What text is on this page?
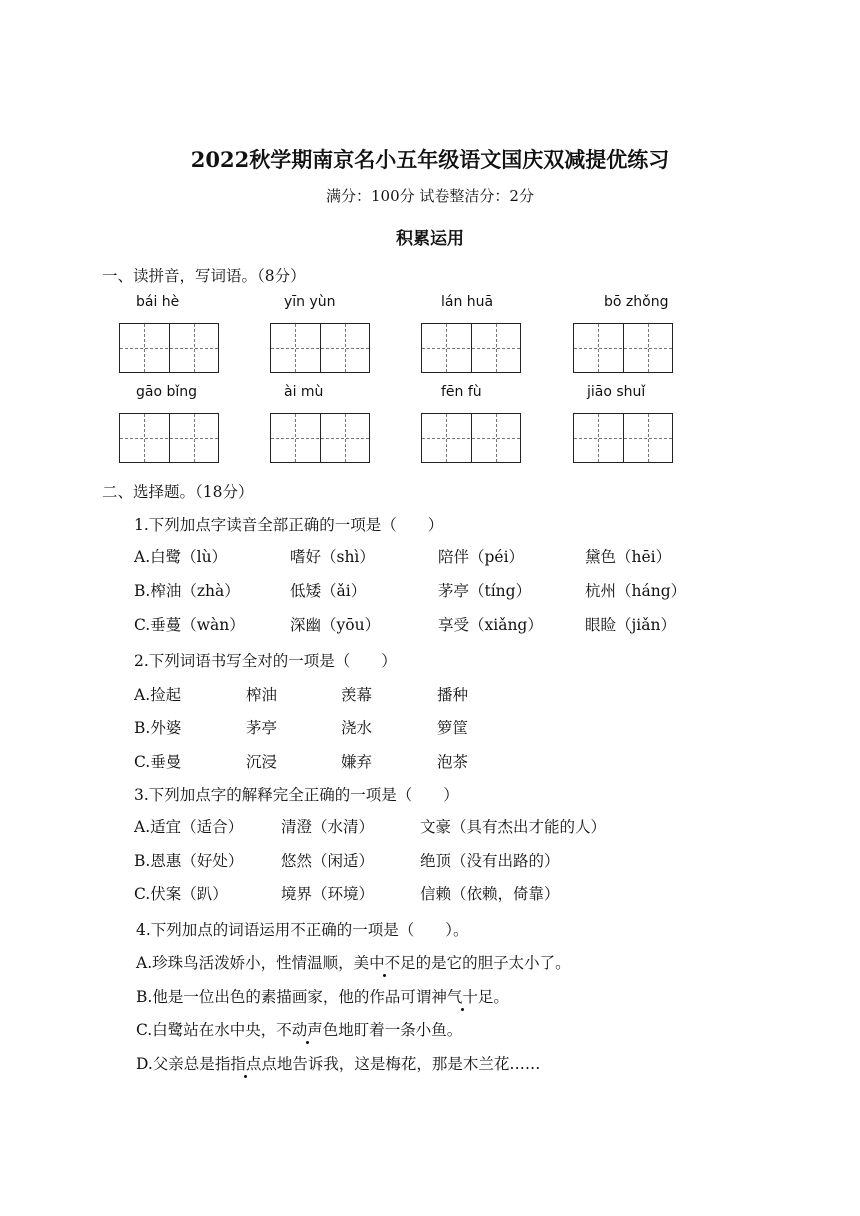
2022秋学期南京名小五年级语文国庆双减提优练习
满分：100分 试卷整洁分：2分
积累运用
一、读拼音，写词语。（8分）
bái hè	yīn yùn	lán huā	bō zhǒng
gāo bǐng	ài mù	fēn fù	jiāo shuǐ
二、选择题。（18分）
1.下列加点字读音全部正确的一项是（　　）
A.白鹭（lù）	嗜好（shì）	陪伴（péi）	黛色（hēi）
B.榨油（zhà）	低矮（ǎi）	茅亭（tíng）	杭州（háng）
C.垂蔓（wàn）	深幽（yōu）	享受（xiǎng）	眼睑（jiǎn）
2.下列词语书写全对的一项是（　　）
A.捡起	榨油	羡幕	播种
B.外婆	茅亭	浇水	箩筐
C.垂曼	沉浸	嫌弃	泡茶
3.下列加点字的解释完全正确的一项是（　　）
A.适宜（适合） 清澄（水清）	文豪（具有杰出才能的人）
B.恩惠（好处） 悠然（闲适）	绝顶（没有出路的）
C.伏案（趴）	境界（环境）	信赖（依赖，倚靠）
4.下列加点的词语运用不正确的一项是（　　）。
A.珍珠鸟活泼娇小，性情温顺，美中不足的是它的胆子太小了。
B.他是一位出色的素描画家，他的作品可谓神气十足。
C.白鹭站在水中央，不动声色地盯着一条小鱼。
D.父亲总是指指点点地告诉我，这是梅花，那是木兰花……
